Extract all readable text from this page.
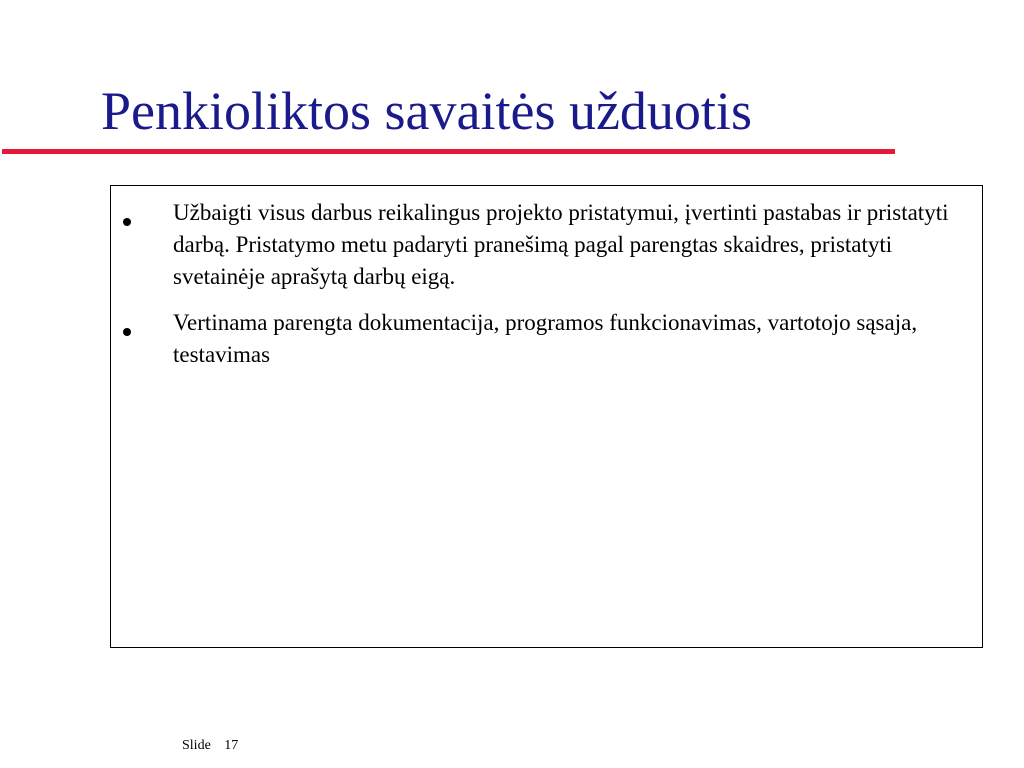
Penkioliktos savaitės užduotis
Užbaigti visus darbus reikalingus projekto pristatymui, įvertinti pastabas ir pristatyti darbą. Pristatymo metu padaryti pranešimą pagal parengtas skaidres, pristatyti svetainėje aprašytą darbų eigą.
Vertinama parengta dokumentacija, programos funkcionavimas, vartotojo sąsaja, testavimas
Slide 17
